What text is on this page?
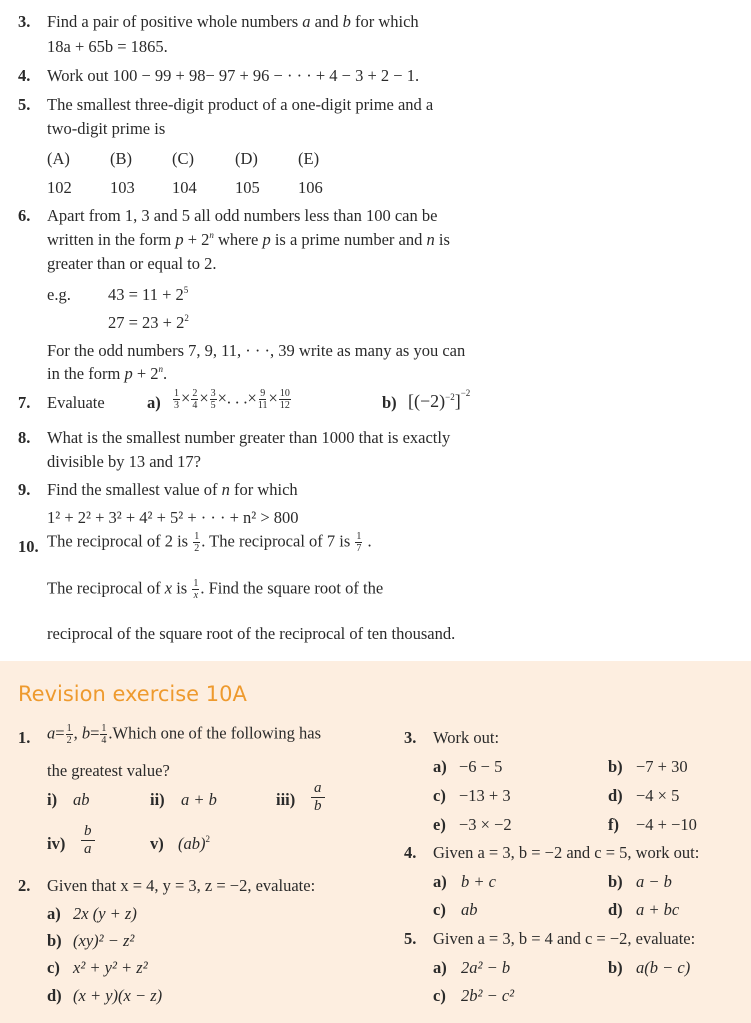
3. Find a pair of positive whole numbers a and b for which
18a + 65b = 1865.
4. Work out 100 − 99 + 98− 97 + 96 − · · · + 4 − 3 + 2 − 1.
5. The smallest three-digit product of a one-digit prime and a
two-digit prime is
(A) (B) (C) (D) (E)
102 103 104 105 106
6. Apart from 1, 3 and 5 all odd numbers less than 100 can be
written in the form $p + 2^n$ where p is a prime number and n is
greater than or equal to 2.
e.g. $43 = 11 + 2^5$
$27 = 23 + 2^2$
For the odd numbers 7, 9, 11, · · ·, 39 write as many as you can
in the form $p + 2^n$.
7. Evaluate	$a) \frac{1}{3} \times \frac{2}{4} \times \frac{3}{5}$ ×. . .× $\frac{9}{11} \times \frac{10}{12}$	b) $[(-2)^{-2}]^{-2}$
8. What is the smallest number greater than 1000 that is exactly
divisible by 13 and 17?
9. Find the smallest value of n for which
1² + 2² + 3² + 4² + 5² + · · · + n² > 800
10. The reciprocal of 2 is $\frac{1}{2}$ . The reciprocal of 7 is $\frac{1}{7}$ .
The reciprocal of x is $\frac{1}{x}$ . Find the square root of the
reciprocal of the square root of the reciprocal of ten thousand.
Revision exercise 10A
1. $a= \frac{1}{2}$ , $b= \frac{1}{4}$ .Which one of the following has
the greatest value?
i) ab	ii) a + b	$iii) \frac{a}{b}$
$iv) \frac{b}{a}$	v) (ab)$^2$
2. Given that x = 4, y = 3, z = −2, evaluate:
a) 2x (y + z)
b) (xy)² − z²
c) x² + y² + z²
d) (x + y)(x − z)
3. Work out:
a) −6 − 5	b) −7 + 30
c) −13 + 3	d) −4 × 5
e) −3 × −2	f) −4 + −10
4. Given a = 3, b = −2 and c = 5, work out:
a) b + c	b) a − b
c) ab	d) a + bc
5. Given a = 3, b = 4 and c = −2, evaluate:
a) 2a² − b	b) a(b − c)
c) 2b² − c²
